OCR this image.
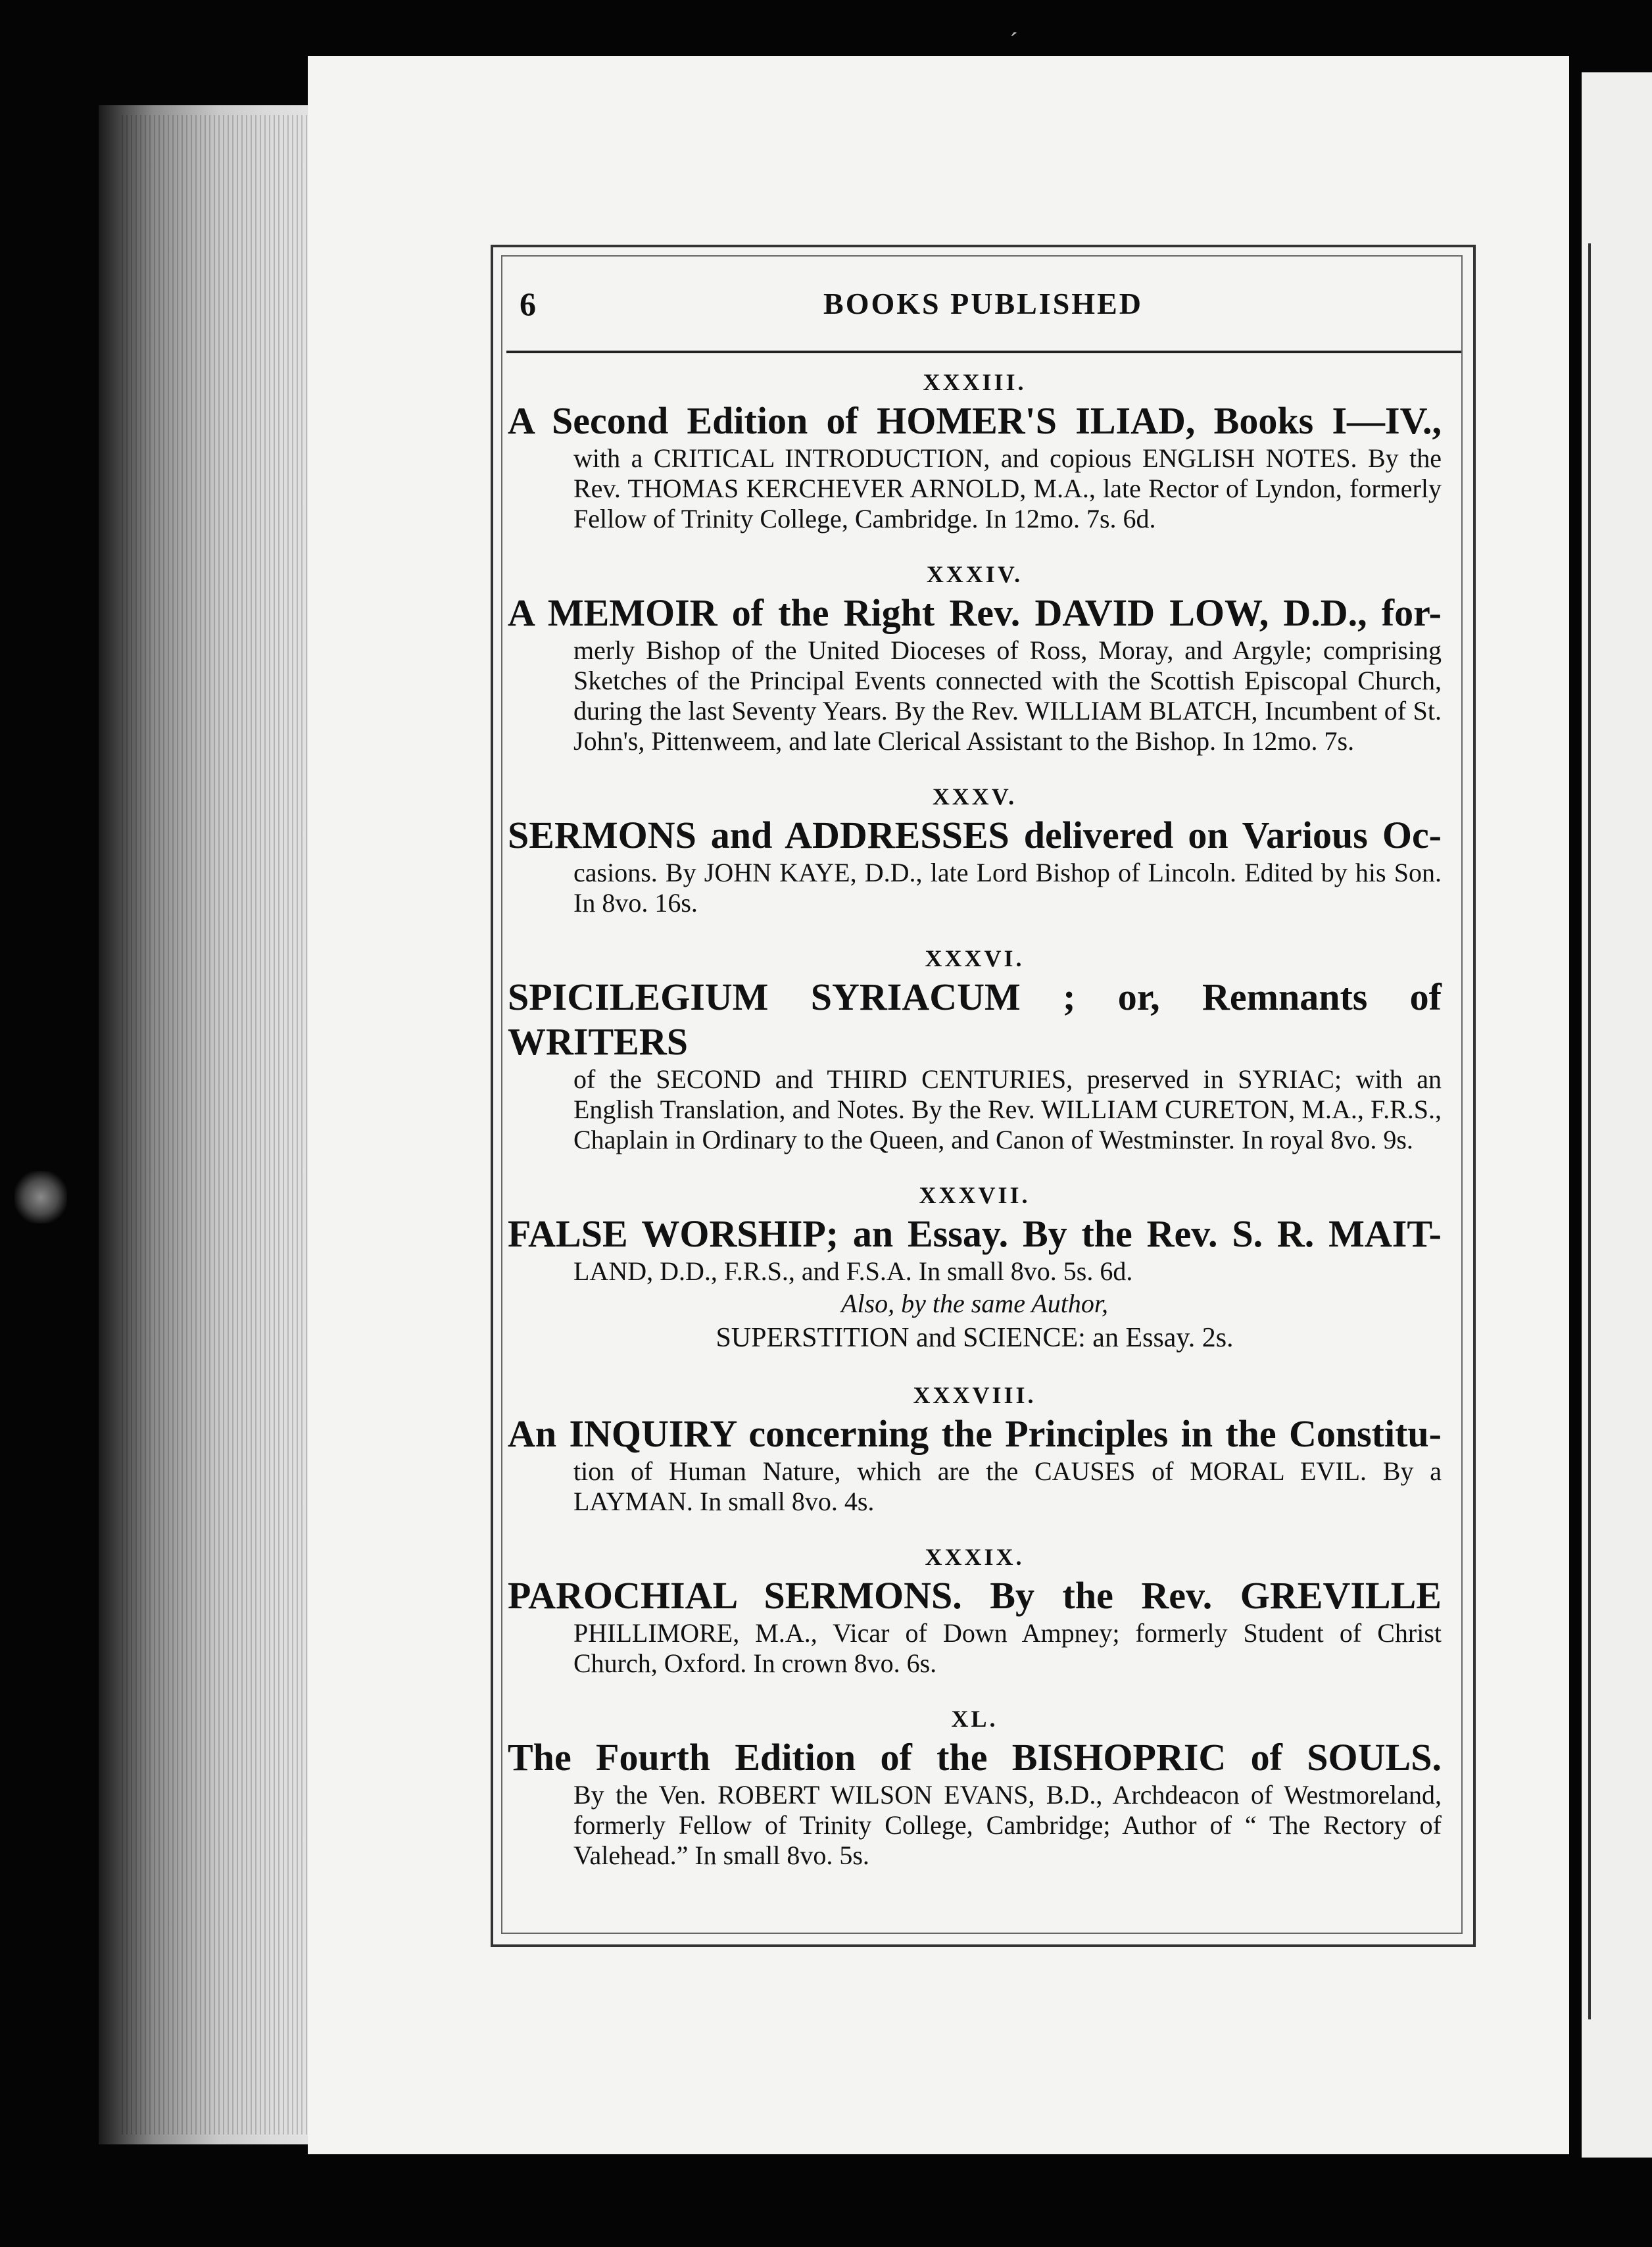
´
6	BOOKS PUBLISHED
XXXIII.

A Second Edition of HOMER'S ILIAD, Books I—IV.,

with a CRITICAL INTRODUCTION, and copious ENGLISH NOTES. By the Rev. THOMAS KERCHEVER ARNOLD, M.A., late Rector of Lyndon, formerly Fellow of Trinity College, Cambridge. In 12mo. 7s. 6d.

XXXIV.

A MEMOIR of the Right Rev. DAVID LOW, D.D., for-

merly Bishop of the United Dioceses of Ross, Moray, and Argyle; comprising Sketches of the Principal Events connected with the Scottish Episcopal Church, during the last Seventy Years. By the Rev. WILLIAM BLATCH, Incumbent of St. John's, Pittenweem, and late Clerical Assistant to the Bishop. In 12mo. 7s.

XXXV.

SERMONS and ADDRESSES delivered on Various Oc-

casions. By JOHN KAYE, D.D., late Lord Bishop of Lincoln. Edited by his Son. In 8vo. 16s.

XXXVI.

SPICILEGIUM SYRIACUM ; or, Remnants of WRITERS

of the SECOND and THIRD CENTURIES, preserved in SYRIAC; with an English Translation, and Notes. By the Rev. WILLIAM CURETON, M.A., F.R.S., Chaplain in Ordinary to the Queen, and Canon of Westminster. In royal 8vo. 9s.

XXXVII.

FALSE WORSHIP; an Essay. By the Rev. S. R. MAIT-

LAND, D.D., F.R.S., and F.S.A. In small 8vo. 5s. 6d.

Also, by the same Author,

SUPERSTITION and SCIENCE: an Essay. 2s.

XXXVIII.

An INQUIRY concerning the Principles in the Constitu-

tion of Human Nature, which are the CAUSES of MORAL EVIL. By a LAYMAN. In small 8vo. 4s.

XXXIX.

PAROCHIAL SERMONS. By the Rev. GREVILLE

PHILLIMORE, M.A., Vicar of Down Ampney; formerly Student of Christ Church, Oxford. In crown 8vo. 6s.

XL.

The Fourth Edition of the BISHOPRIC of SOULS.

By the Ven. ROBERT WILSON EVANS, B.D., Archdeacon of Westmoreland, formerly Fellow of Trinity College, Cambridge; Author of “ The Rectory of Valehead.” In small 8vo. 5s.
